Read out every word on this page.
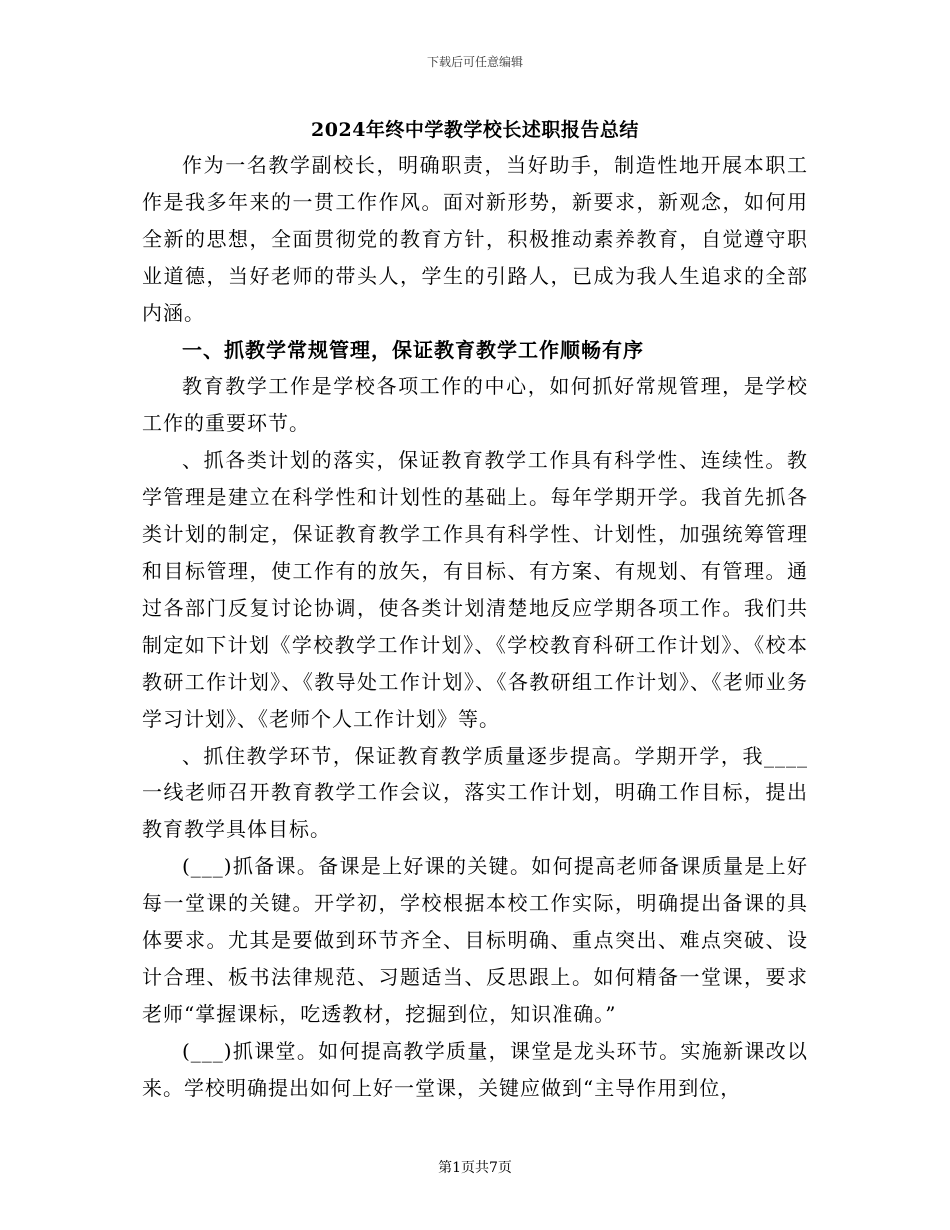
下载后可任意编辑
2024年终中学教学校长述职报告总结

作为一名教学副校长，明确职责，当好助手，制造性地开展本职工作是我多年来的一贯工作作风。面对新形势，新要求，新观念，如何用全新的思想，全面贯彻党的教育方针，积极推动素养教育，自觉遵守职业道德，当好老师的带头人，学生的引路人，已成为我人生追求的全部内涵。

一、抓教学常规管理，保证教育教学工作顺畅有序

教育教学工作是学校各项工作的中心，如何抓好常规管理，是学校工作的重要环节。

、抓各类计划的落实，保证教育教学工作具有科学性、连续性。教学管理是建立在科学性和计划性的基础上。每年学期开学。我首先抓各类计划的制定，保证教育教学工作具有科学性、计划性，加强统筹管理和目标管理，使工作有的放矢，有目标、有方案、有规划、有管理。通过各部门反复讨论协调，使各类计划清楚地反应学期各项工作。我们共制定如下计划《学校教学工作计划》、《学校教育科研工作计划》、《校本教研工作计划》、《教导处工作计划》、《各教研组工作计划》、《老师业务学习计划》、《老师个人工作计划》等。

、抓住教学环节，保证教育教学质量逐步提高。学期开学，我____一线老师召开教育教学工作会议，落实工作计划，明确工作目标，提出教育教学具体目标。

(___)抓备课。备课是上好课的关键。如何提高老师备课质量是上好每一堂课的关键。开学初，学校根据本校工作实际，明确提出备课的具体要求。尤其是要做到环节齐全、目标明确、重点突出、难点突破、设计合理、板书法律规范、习题适当、反思跟上。如何精备一堂课，要求老师“掌握课标，吃透教材，挖掘到位，知识准确。”

(___)抓课堂。如何提高教学质量，课堂是龙头环节。实施新课改以来。学校明确提出如何上好一堂课，关键应做到“主导作用到位，

第1页共7页
